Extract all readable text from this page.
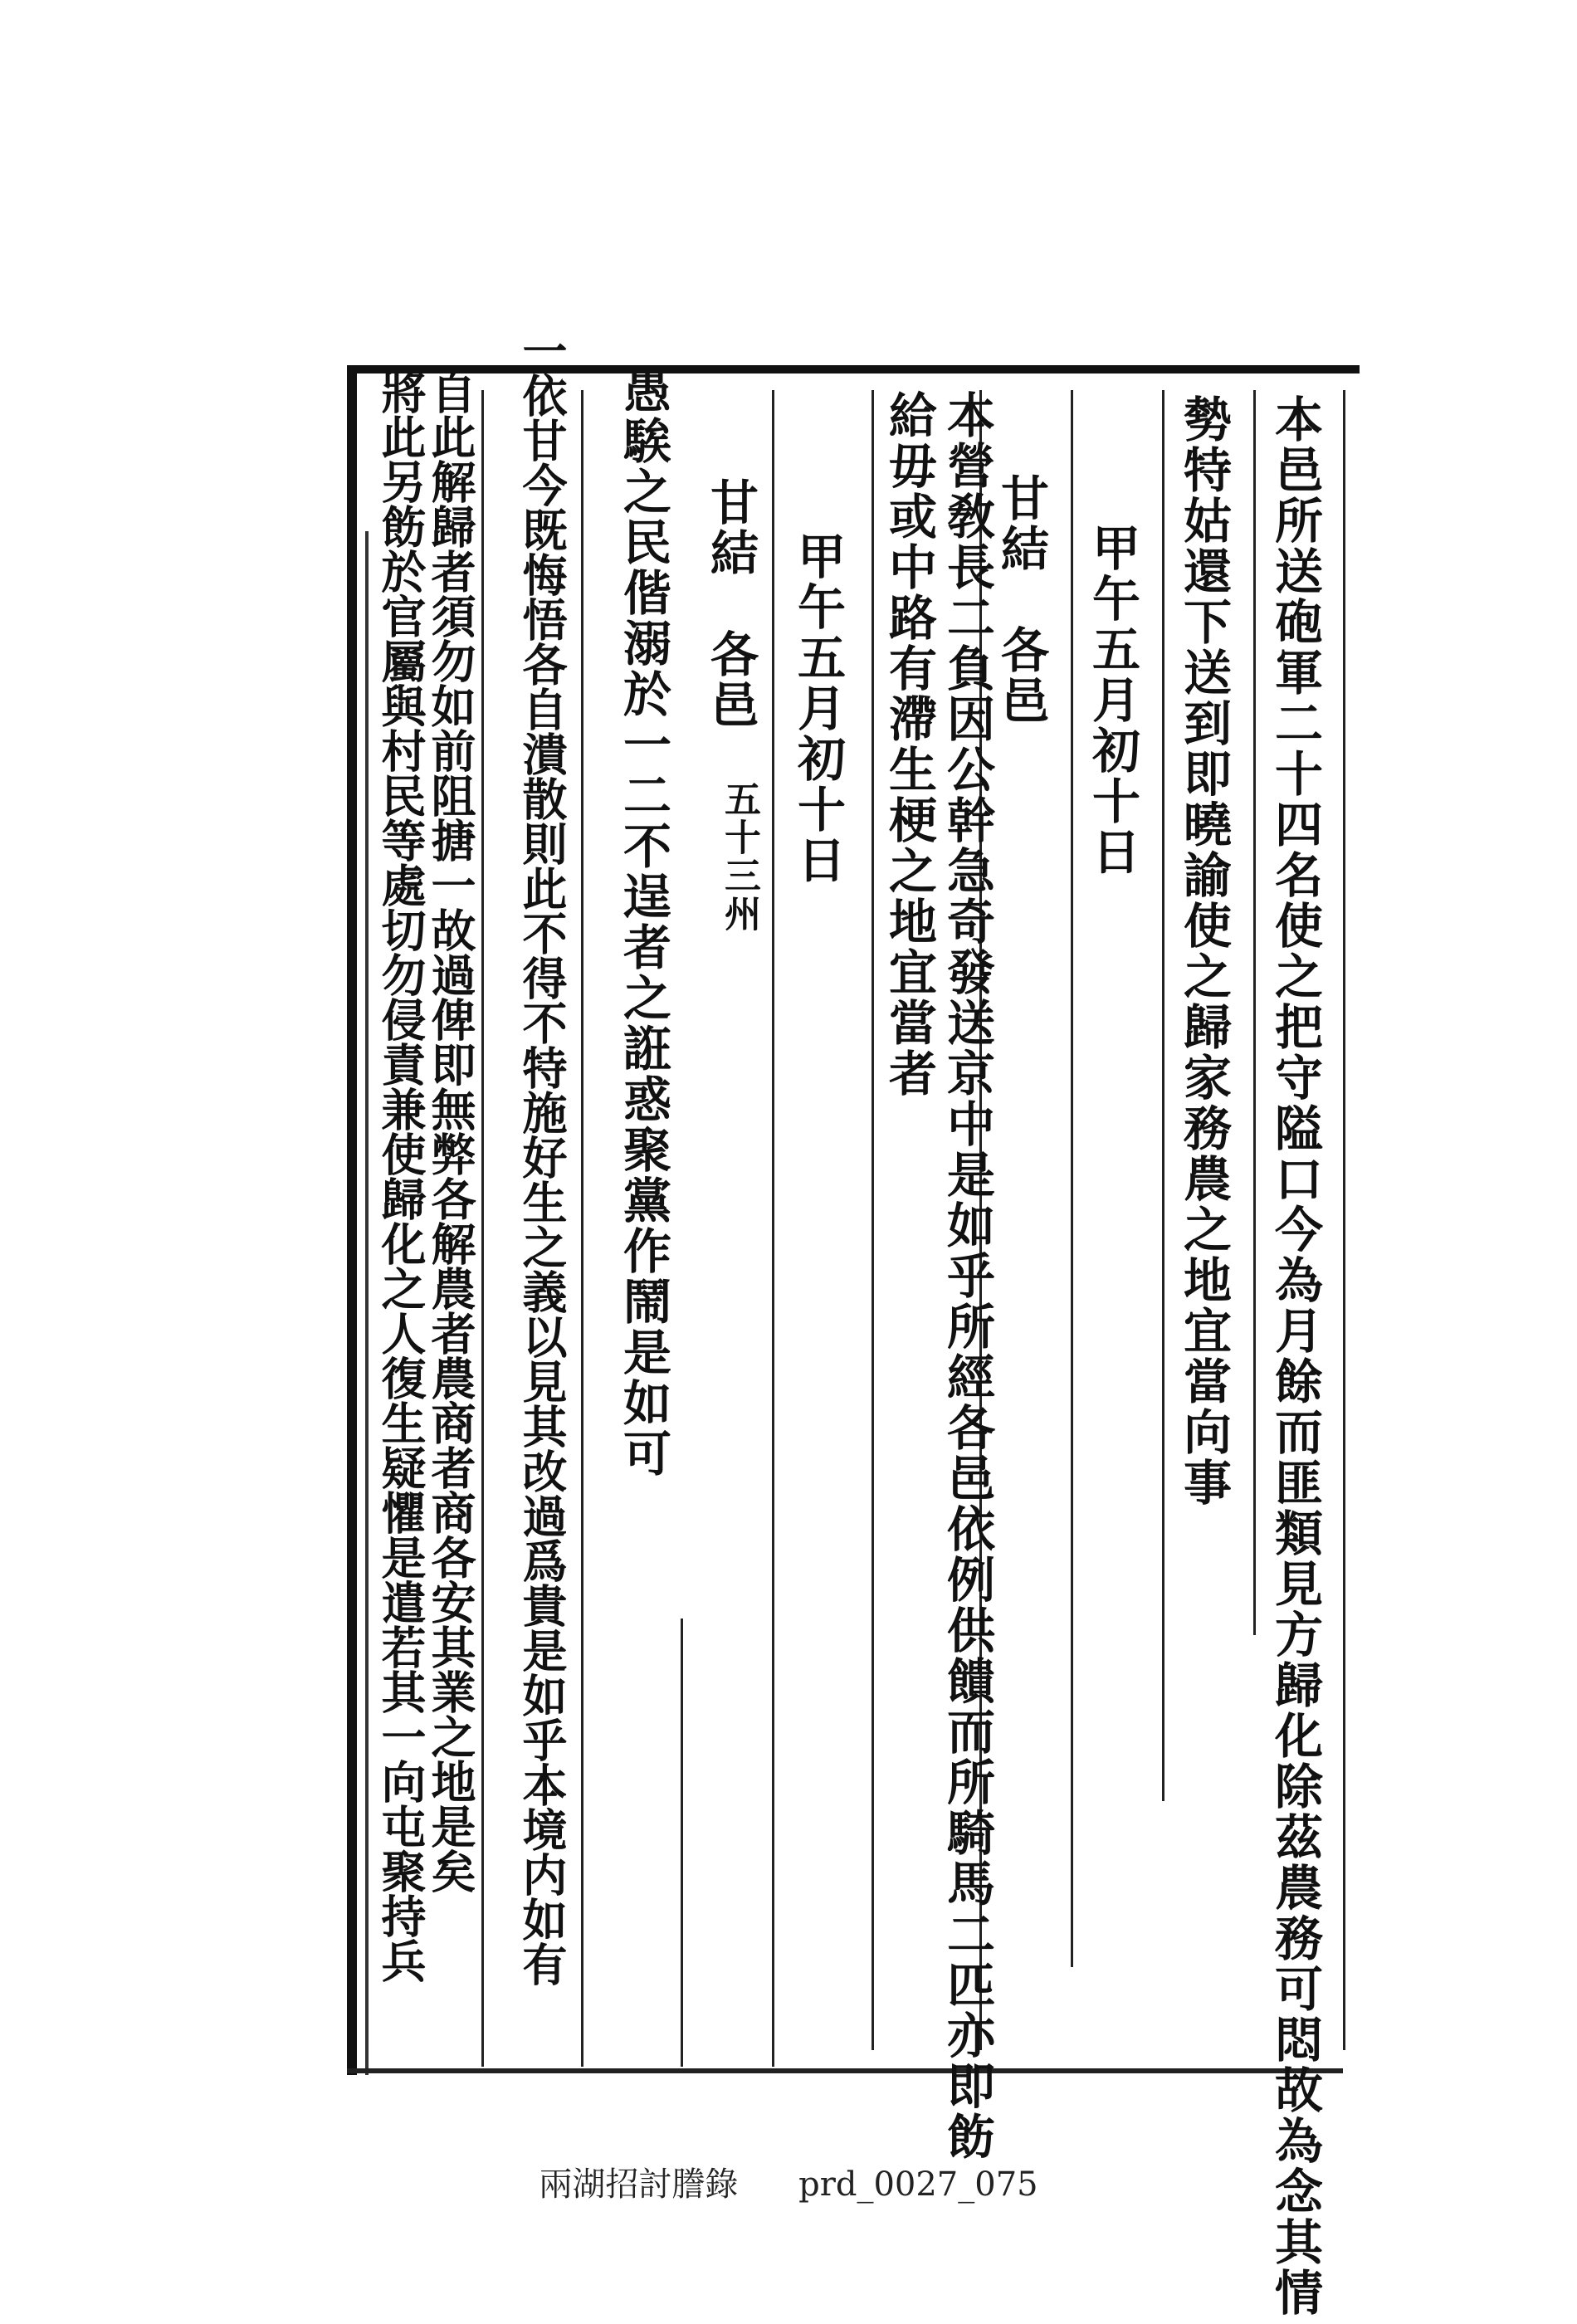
本邑所送砲軍二十四名使之把守隘口今為月餘而匪類見方歸化除茲農務可悶故為念其情
勢特姑還下送到即曉諭使之歸家務農之地宜當向事
甲午五月初十日
甘結　各邑
本營敎長二負因公幹急奇發送京中是如乎所經各邑依例供饋而所騎馬二匹亦即飭
給毋或中路有滯生梗之地宜當者
甲午五月初十日
甘結　各邑
五十三州
愚騃之民偕溺於一二不逞者之誑惑聚黨作鬧是如可
一依甘今既悔悟各自潰散則此不得不特施好生之義以見其改過爲貴是如乎本境内如有
自此解歸者須勿如前阻搪一故過俾即無弊各解農者農商者商各安其業之地是矣
將此另飭於官屬與村民等處切勿侵責兼使歸化之人復生疑懼是遣若其一向屯聚持兵
兩湖招討謄錄 prd_0027_075
